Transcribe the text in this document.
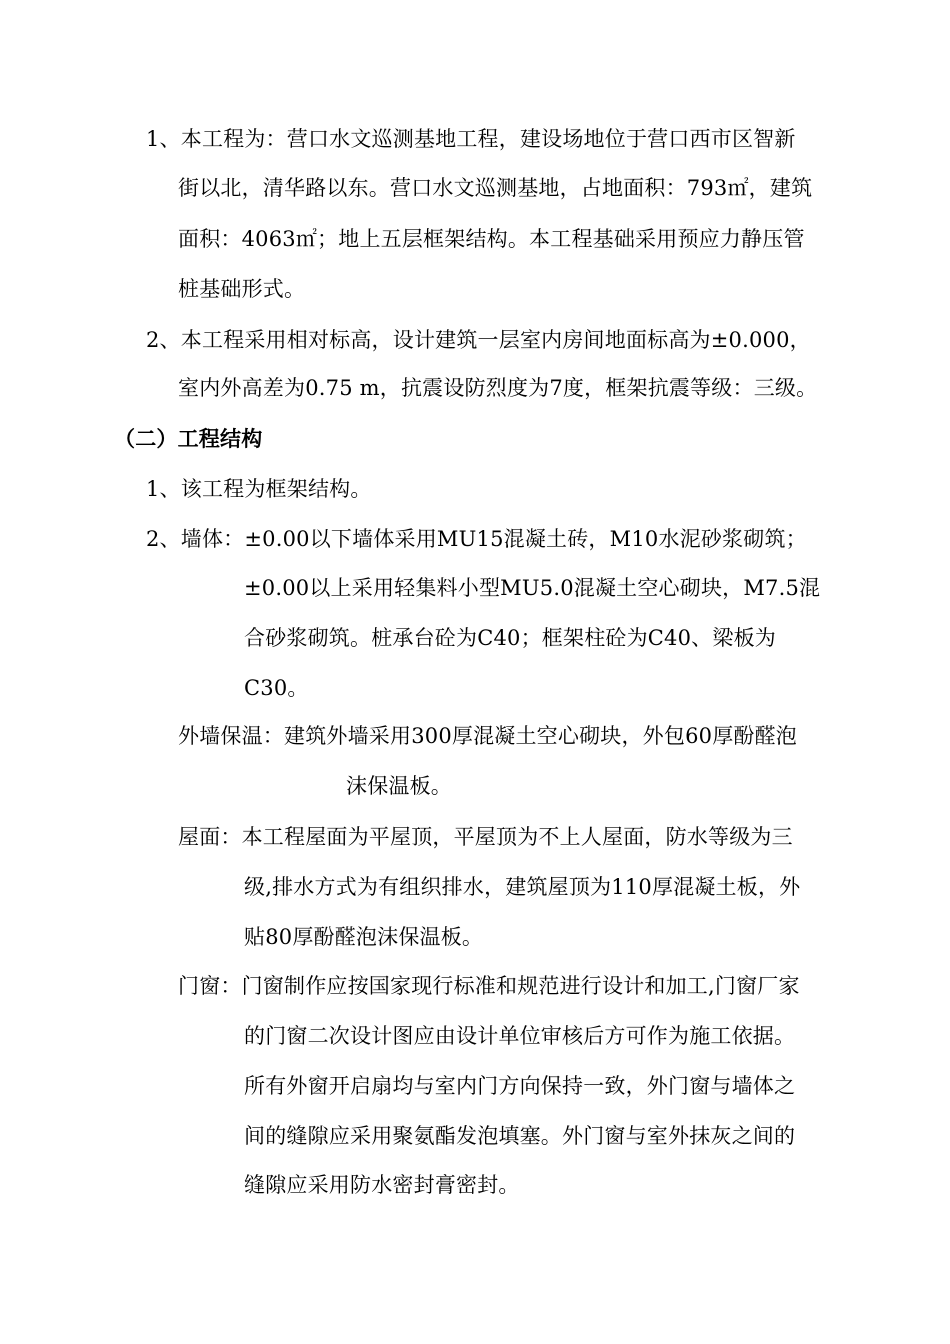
1、本工程为：营口水文巡测基地工程，建设场地位于营口西市区智新
街以北，清华路以东。营口水文巡测基地，占地面积：793㎡，建筑
面积：4063㎡；地上五层框架结构。本工程基础采用预应力静压管
桩基础形式。
2、本工程采用相对标高，设计建筑一层室内房间地面标高为±0.000，
室内外高差为0.75 m，抗震设防烈度为7度，框架抗震等级：三级。
（二）工程结构
1、该工程为框架结构。
2、墙体：±0.00以下墙体采用MU15混凝土砖，M10水泥砂浆砌筑；
±0.00以上采用轻集料小型MU5.0混凝土空心砌块，M7.5混
合砂浆砌筑。桩承台砼为C40；框架柱砼为C40、梁板为
C30。
外墙保温：建筑外墙采用300厚混凝土空心砌块，外包60厚酚醛泡
沫保温板。
屋面：本工程屋面为平屋顶，平屋顶为不上人屋面，防水等级为三
级,排水方式为有组织排水，建筑屋顶为110厚混凝土板，外
贴80厚酚醛泡沫保温板。
门窗：门窗制作应按国家现行标准和规范进行设计和加工,门窗厂家
的门窗二次设计图应由设计单位审核后方可作为施工依据。
所有外窗开启扇均与室内门方向保持一致，外门窗与墙体之
间的缝隙应采用聚氨酯发泡填塞。外门窗与室外抹灰之间的
缝隙应采用防水密封膏密封。
